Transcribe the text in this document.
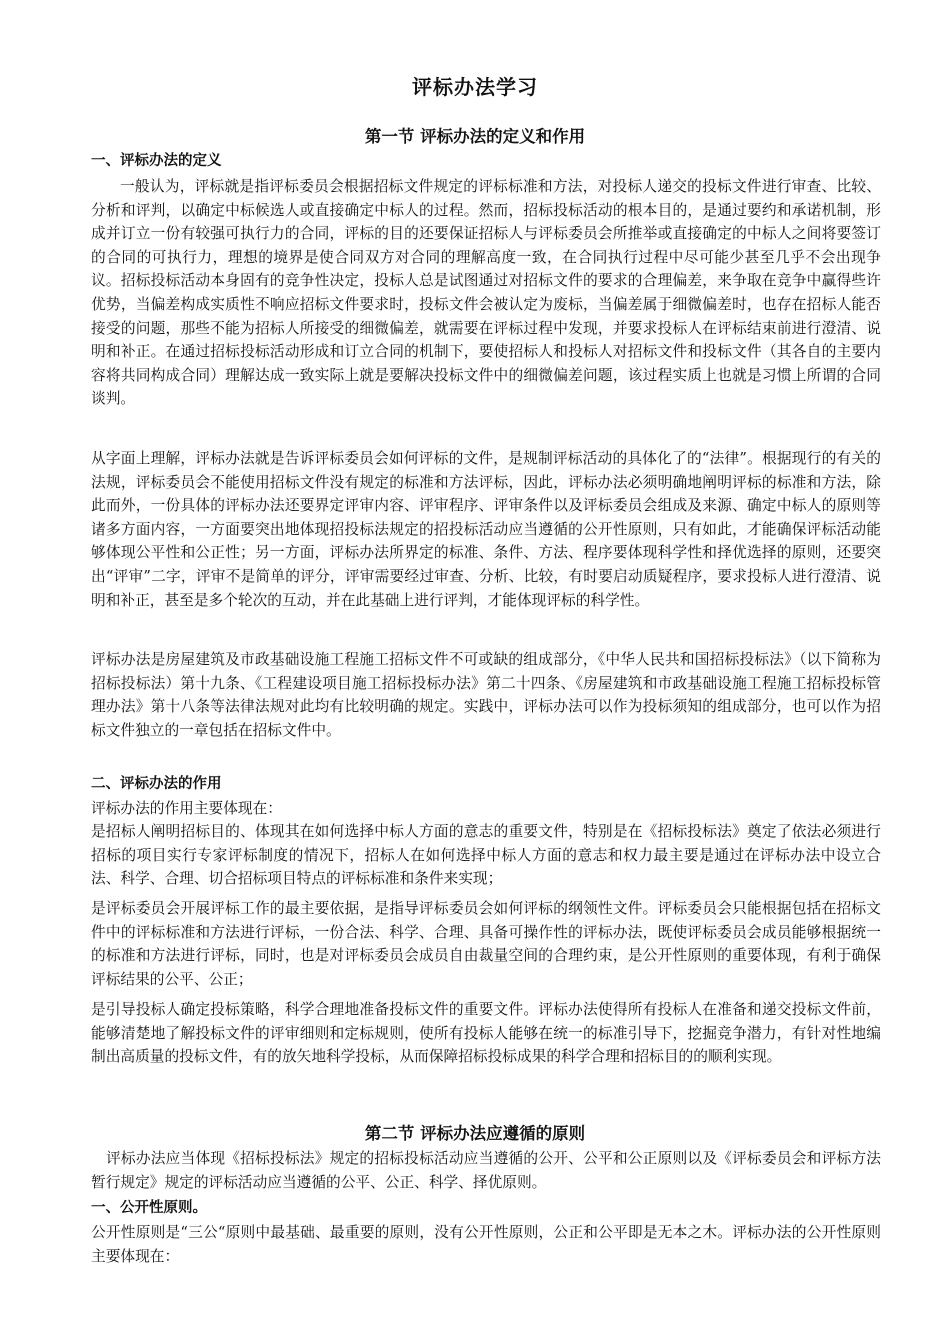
评标办法学习
第一节 评标办法的定义和作用
一、评标办法的定义

一般认为，评标就是指评标委员会根据招标文件规定的评标标准和方法，对投标人递交的投标文件进行审查、比较、分析和评判，以确定中标候选人或直接确定中标人的过程。然而，招标投标活动的根本目的，是通过要约和承诺机制，形成并订立一份有较强可执行力的合同，评标的目的还要保证招标人与评标委员会所推举或直接确定的中标人之间将要签订的合同的可执行力，理想的境界是使合同双方对合同的理解高度一致，在合同执行过程中尽可能少甚至几乎不会出现争议。招标投标活动本身固有的竞争性决定，投标人总是试图通过对招标文件的要求的合理偏差，来争取在竞争中赢得些许优势，当偏差构成实质性不响应招标文件要求时，投标文件会被认定为废标，当偏差属于细微偏差时，也存在招标人能否接受的问题，那些不能为招标人所接受的细微偏差，就需要在评标过程中发现，并要求投标人在评标结束前进行澄清、说明和补正。在通过招标投标活动形成和订立合同的机制下，要使招标人和投标人对招标文件和投标文件（其各自的主要内容将共同构成合同）理解达成一致实际上就是要解决投标文件中的细微偏差问题，该过程实质上也就是习惯上所谓的合同谈判。

从字面上理解，评标办法就是告诉评标委员会如何评标的文件，是规制评标活动的具体化了的“法律”。根据现行的有关的法规，评标委员会不能使用招标文件没有规定的标准和方法评标，因此，评标办法必须明确地阐明评标的标准和方法，除此而外，一份具体的评标办法还要界定评审内容、评审程序、评审条件以及评标委员会组成及来源、确定中标人的原则等诸多方面内容，一方面要突出地体现招投标法规定的招投标活动应当遵循的公开性原则，只有如此，才能确保评标活动能够体现公平性和公正性；另一方面，评标办法所界定的标准、条件、方法、程序要体现科学性和择优选择的原则，还要突出“评审”二字，评审不是简单的评分，评审需要经过审查、分析、比较，有时要启动质疑程序，要求投标人进行澄清、说明和补正，甚至是多个轮次的互动，并在此基础上进行评判，才能体现评标的科学性。

评标办法是房屋建筑及市政基础设施工程施工招标文件不可或缺的组成部分，《中华人民共和国招标投标法》（以下简称为招标投标法）第十九条、《工程建设项目施工招标投标办法》第二十四条、《房屋建筑和市政基础设施工程施工招标投标管理办法》第十八条等法律法规对此均有比较明确的规定。实践中，评标办法可以作为投标须知的组成部分，也可以作为招标文件独立的一章包括在招标文件中。

二、评标办法的作用

评标办法的作用主要体现在：

是招标人阐明招标目的、体现其在如何选择中标人方面的意志的重要文件，特别是在《招标投标法》奠定了依法必须进行招标的项目实行专家评标制度的情况下，招标人在如何选择中标人方面的意志和权力最主要是通过在评标办法中设立合法、科学、合理、切合招标项目特点的评标标准和条件来实现；

是评标委员会开展评标工作的最主要依据，是指导评标委员会如何评标的纲领性文件。评标委员会只能根据包括在招标文件中的评标标准和方法进行评标，一份合法、科学、合理、具备可操作性的评标办法，既使评标委员会成员能够根据统一的标准和方法进行评标，同时，也是对评标委员会成员自由裁量空间的合理约束，是公开性原则的重要体现，有利于确保评标结果的公平、公正；

是引导投标人确定投标策略，科学合理地准备投标文件的重要文件。评标办法使得所有投标人在准备和递交投标文件前，能够清楚地了解投标文件的评审细则和定标规则，使所有投标人能够在统一的标准引导下，挖掘竞争潜力，有针对性地编制出高质量的投标文件，有的放矢地科学投标，从而保障招标投标成果的科学合理和招标目的的顺利实现。

第二节 评标办法应遵循的原则

评标办法应当体现《招标投标法》规定的招标投标活动应当遵循的公开、公平和公正原则以及《评标委员会和评标方法暂行规定》规定的评标活动应当遵循的公平、公正、科学、择优原则。

一、公开性原则。

公开性原则是“三公“原则中最基础、最重要的原则，没有公开性原则，公正和公平即是无本之木。评标办法的公开性原则主要体现在：
